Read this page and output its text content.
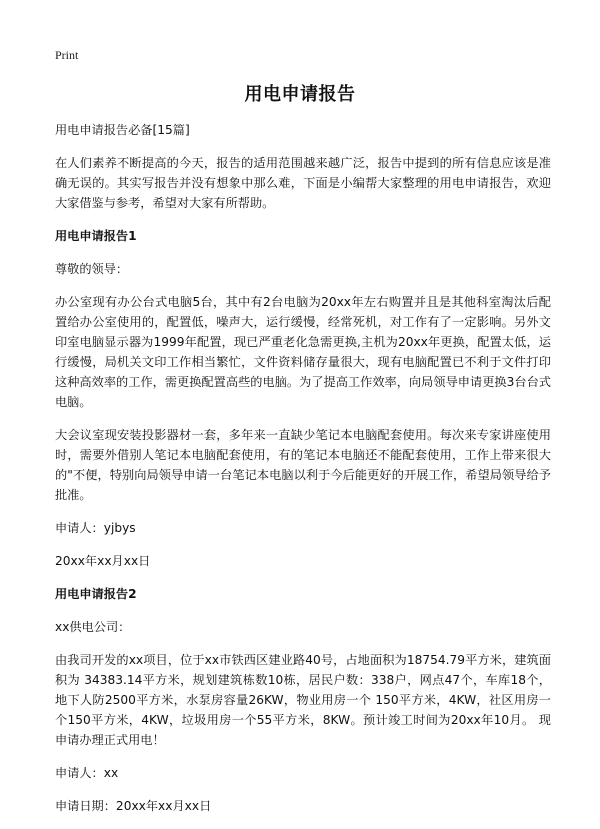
Print
用电申请报告

用电申请报告必备[15篇]

在人们素养不断提高的今天，报告的适用范围越来越广泛，报告中提到的所有信息应该是准确无误的。其实写报告并没有想象中那么难，下面是小编帮大家整理的用电申请报告，欢迎大家借鉴与参考，希望对大家有所帮助。

用电申请报告1

尊敬的领导：

办公室现有办公台式电脑5台，其中有2台电脑为20xx年左右购置并且是其他科室淘汰后配置给办公室使用的，配置低，噪声大，运行缓慢，经常死机，对工作有了一定影响。另外文印室电脑显示器为1999年配置，现已严重老化急需更换,主机为20xx年更换，配置太低，运行缓慢，局机关文印工作相当繁忙，文件资料储存量很大，现有电脑配置已不利于文件打印这种高效率的工作，需更换配置高些的电脑。为了提高工作效率，向局领导申请更换3台台式电脑。

大会议室现安装投影器材一套，多年来一直缺少笔记本电脑配套使用。每次来专家讲座使用时，需要外借别人笔记本电脑配套使用，有的笔记本电脑还不能配套使用，工作上带来很大的"不便，特别向局领导申请一台笔记本电脑以利于今后能更好的开展工作，希望局领导给予批准。

申请人：yjbys

20xx年xx月xx日

用电申请报告2

xx供电公司：

由我司开发的xx项目，位于xx市铁西区建业路40号，占地面积为18754.79平方米，建筑面积为 34383.14平方米，规划建筑栋数10栋，居民户数：338户，网点47个，车库18个，地下人防2500平方米，水泵房容量26KW，物业用房一个 150平方米，4KW，社区用房一个150平方米，4KW，垃圾用房一个55平方米，8KW。预计竣工时间为20xx年10月。 现申请办理正式用电！

申请人：xx

申请日期：20xx年xx月xx日
